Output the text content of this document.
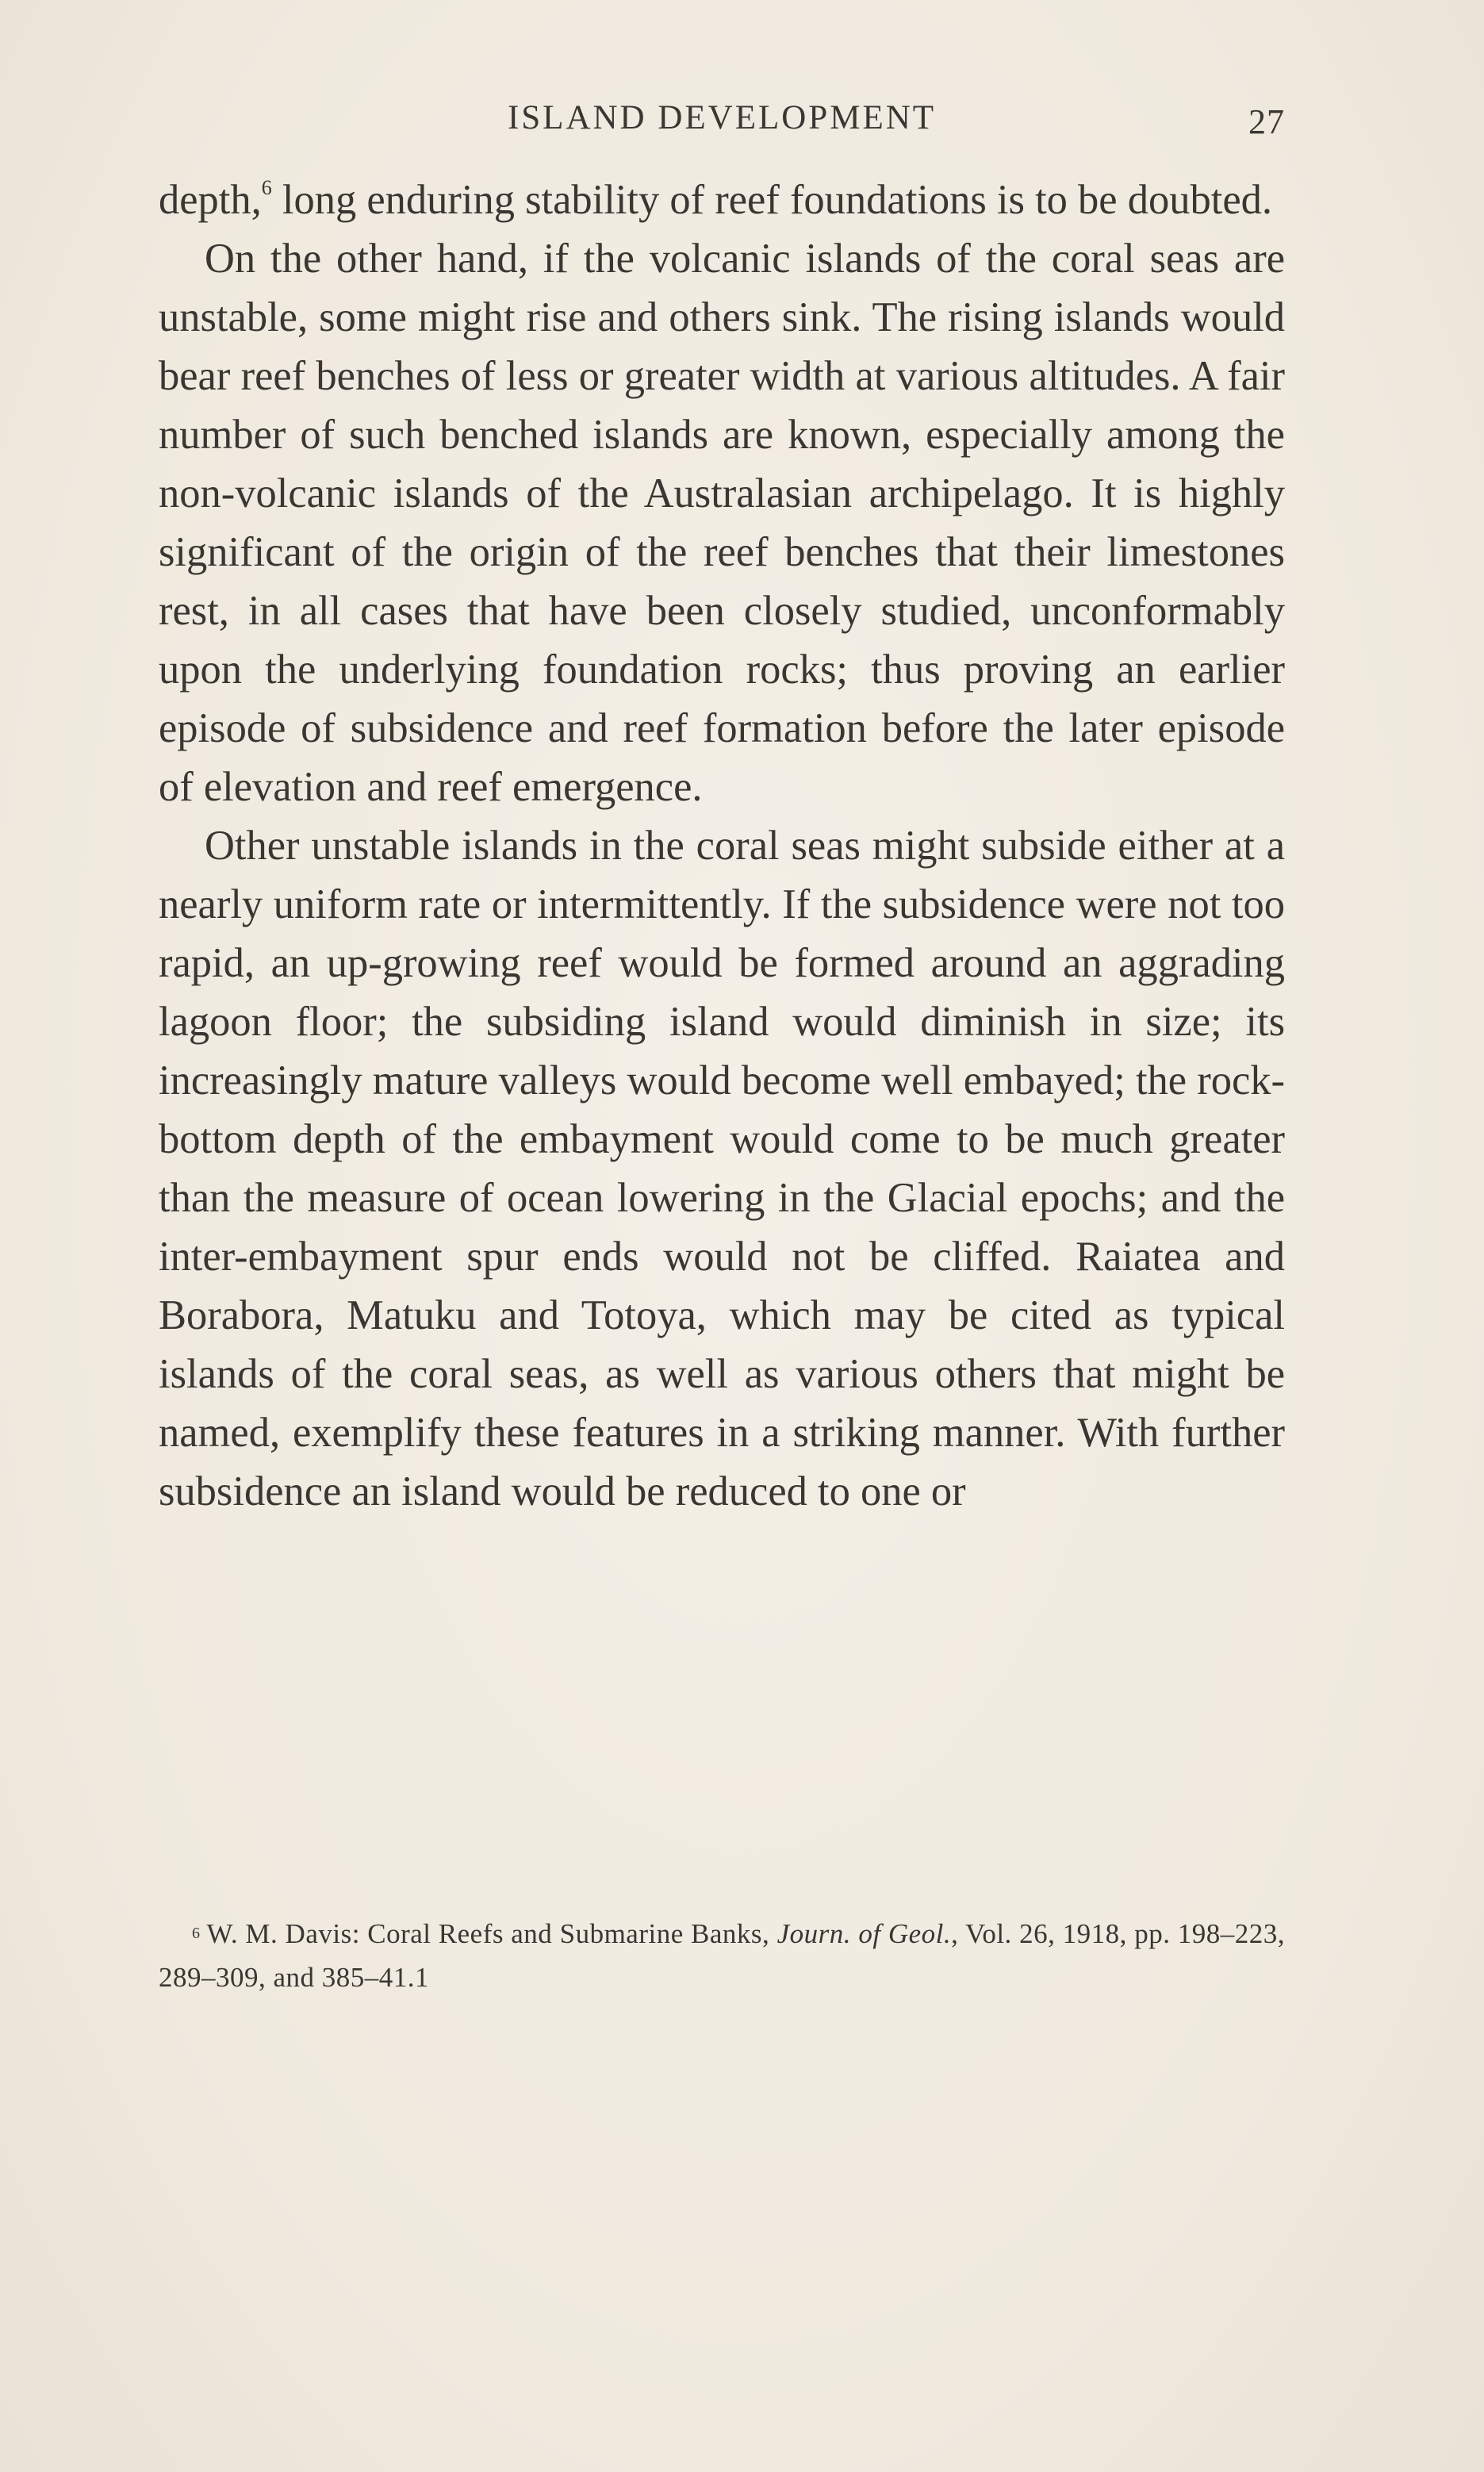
ISLAND DEVELOPMENT	27

depth,$^6$ long enduring stability of reef foundations is to be doubted.

On the other hand, if the volcanic islands of the coral seas are unstable, some might rise and others sink. The rising islands would bear reef benches of less or greater width at various altitudes. A fair number of such benched islands are known, especially among the non-volcanic islands of the Australasian archipelago. It is highly significant of the origin of the reef benches that their limestones rest, in all cases that have been closely studied, unconformably upon the underlying foundation rocks; thus proving an earlier episode of subsidence and reef formation before the later episode of elevation and reef emergence.

Other unstable islands in the coral seas might subside either at a nearly uniform rate or intermittently. If the subsidence were not too rapid, an up-growing reef would be formed around an aggrading lagoon floor; the subsiding island would diminish in size; its increasingly mature valleys would become well embayed; the rock-bottom depth of the embayment would come to be much greater than the measure of ocean lowering in the Glacial epochs; and the inter-embayment spur ends would not be cliffed. Raiatea and Borabora, Matuku and Totoya, which may be cited as typical islands of the coral seas, as well as various others that might be named, exemplify these features in a striking manner. With further subsidence an island would be reduced to one or

$^6$ W. M. Davis: Coral Reefs and Submarine Banks, Journ. of Geol., Vol. 26, 1918, pp. 198–223, 289–309, and 385–41.1
